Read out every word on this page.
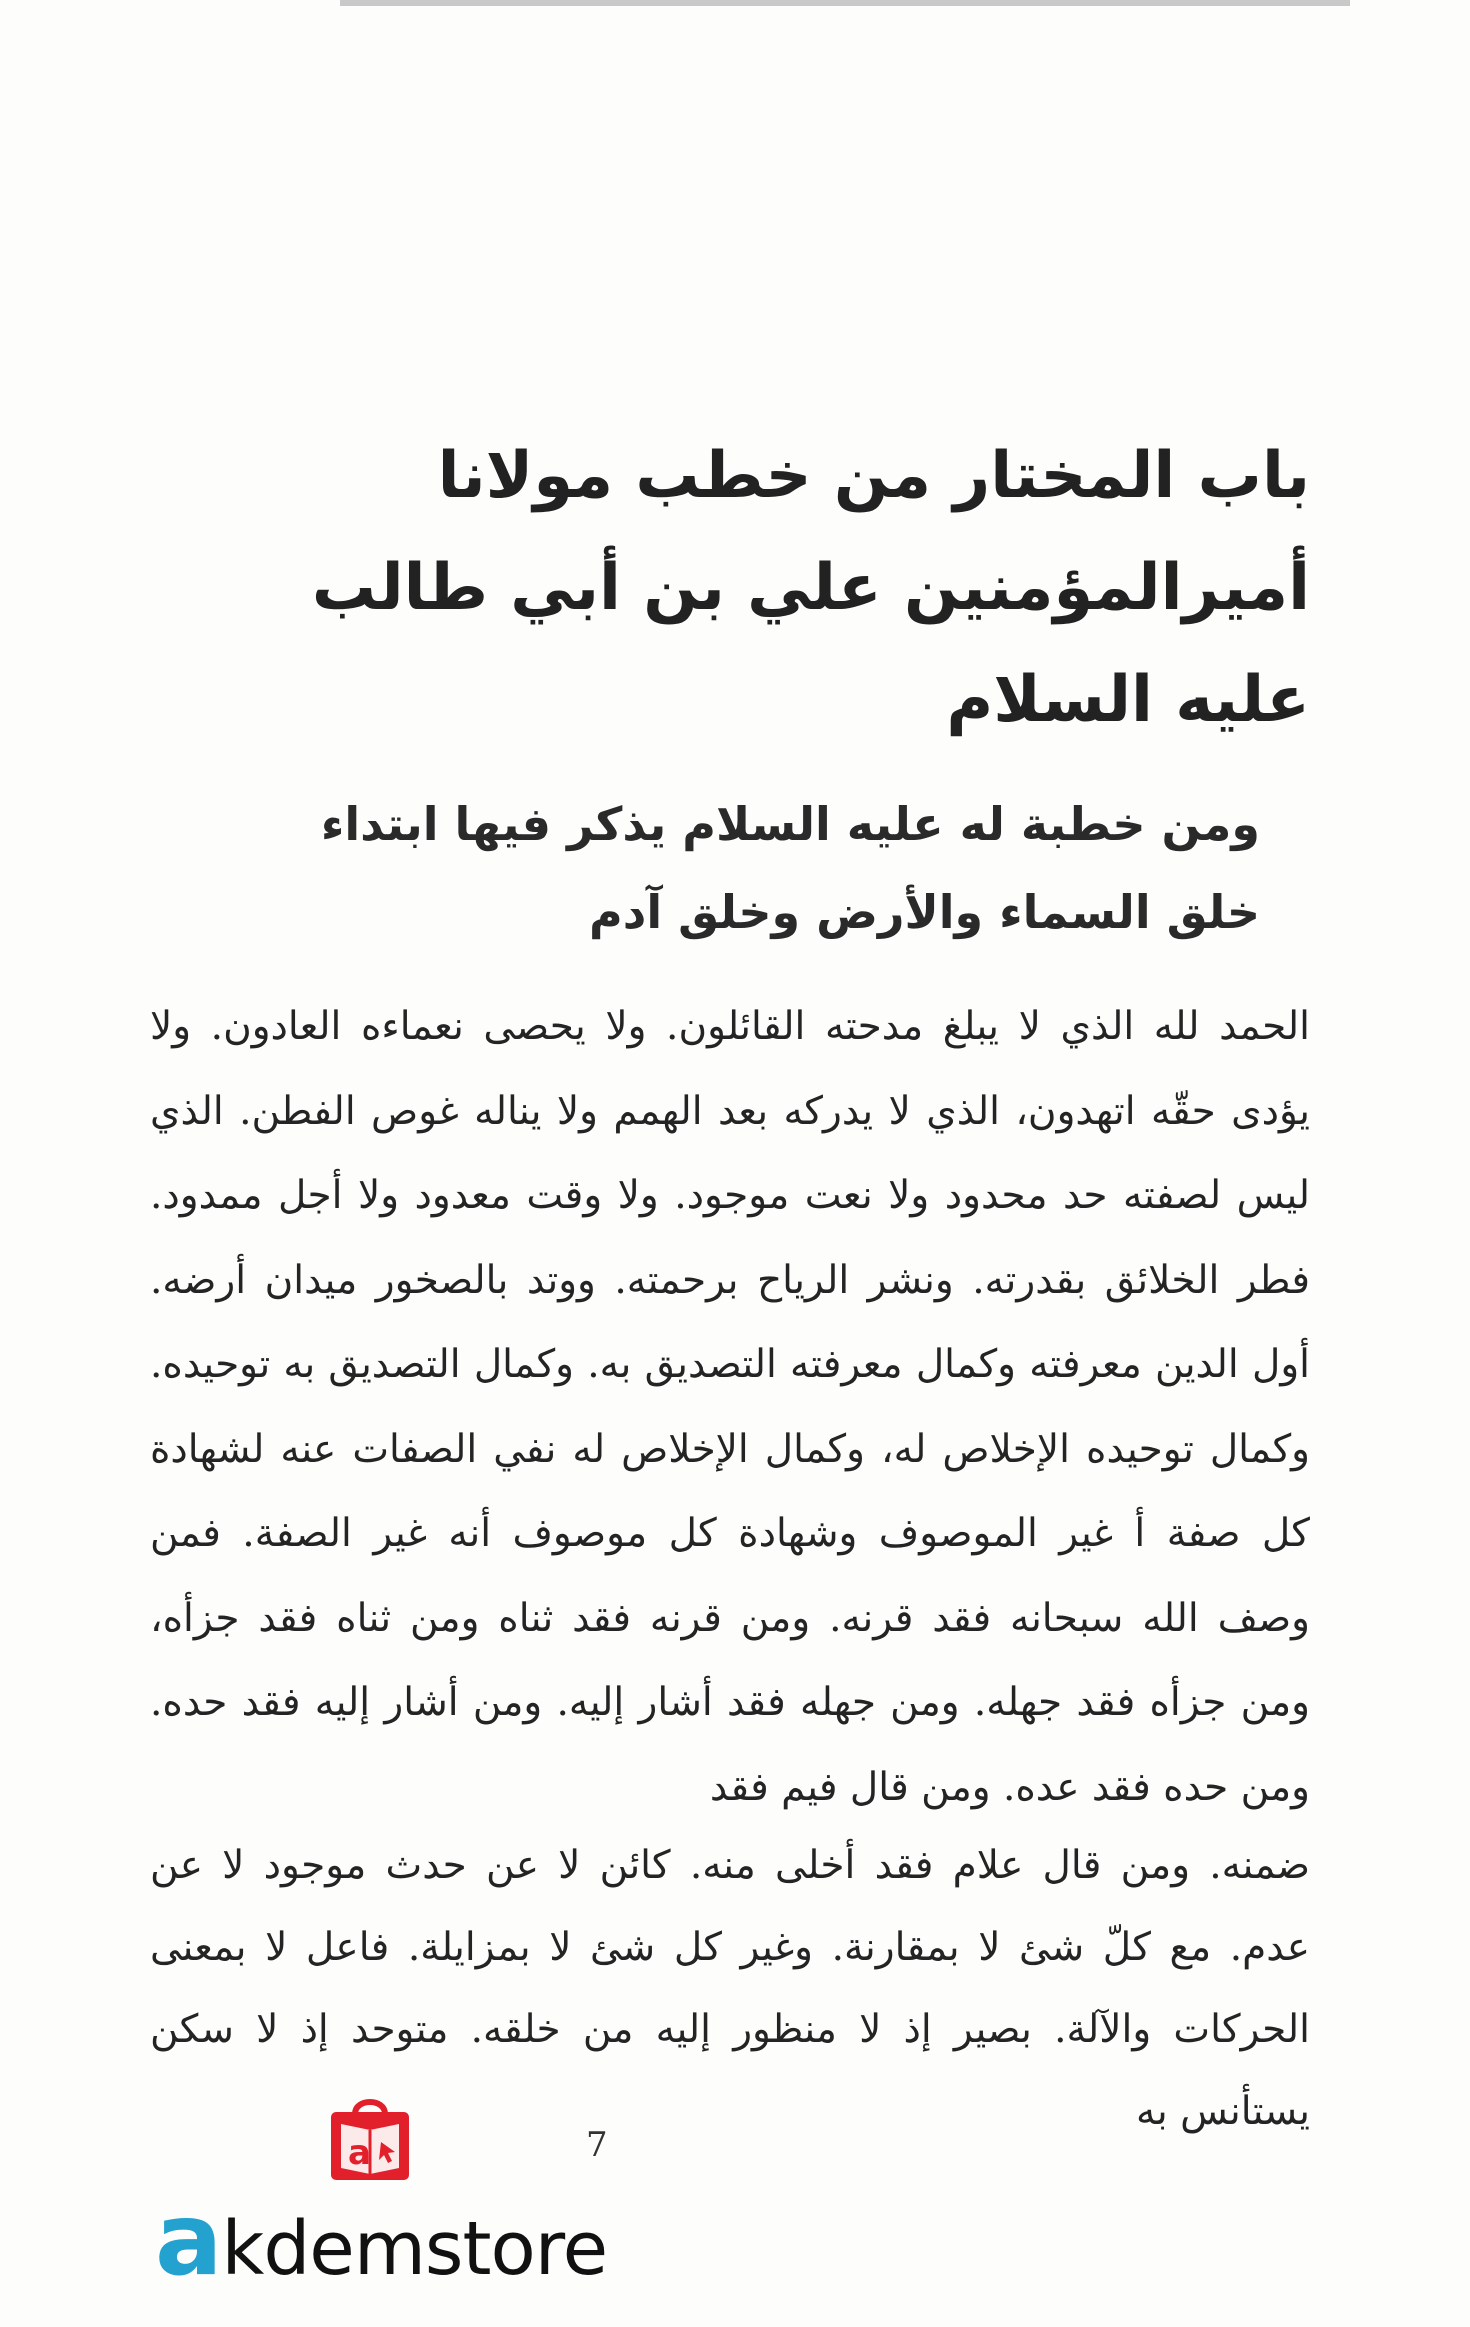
باب المختار من خطب مولانا أميرالمؤمنين علي بن أبي طالب عليه السلام
ومن خطبة له عليه السلام يذكر فيها ابتداء خلق السماء والأرض وخلق آدم

الحمد لله الذي لا يبلغ مدحته القائلون. ولا يحصى نعماءه العادون. ولا يؤدى حقّه اتهدون، الذي لا يدركه بعد الهمم ولا يناله غوص الفطن. الذي ليس لصفته حد محدود ولا نعت موجود. ولا وقت معدود ولا أجل ممدود. فطر الخلائق بقدرته. ونشر الرياح برحمته. ووتد بالصخور ميدان أرضه. أول الدين معرفته وكمال معرفته التصديق به. وكمال التصديق به توحيده. وكمال توحيده الإخلاص له، وكمال الإخلاص له نفي الصفات عنه لشهادة كل صفة أ غير الموصوف وشهادة كل موصوف أنه غير الصفة. فمن وصف الله سبحانه فقد قرنه. ومن قرنه فقد ثناه ومن ثناه فقد جزأه، ومن جزأه فقد جهله. ومن جهله فقد أشار إليه. ومن أشار إليه فقد حده. ومن حده فقد عده. ومن قال فيم فقد

ضمنه. ومن قال علام فقد أخلى منه. كائن لا عن حدث موجود لا عن عدم. مع كلّ شئ لا بمقارنة. وغير كل شئ لا بمزايلة. فاعل لا بمعنى الحركات والآلة. بصير إذ لا منظور إليه من خلقه. متوحد إذ لا سكن يستأنس به

7
a
akdemstore
